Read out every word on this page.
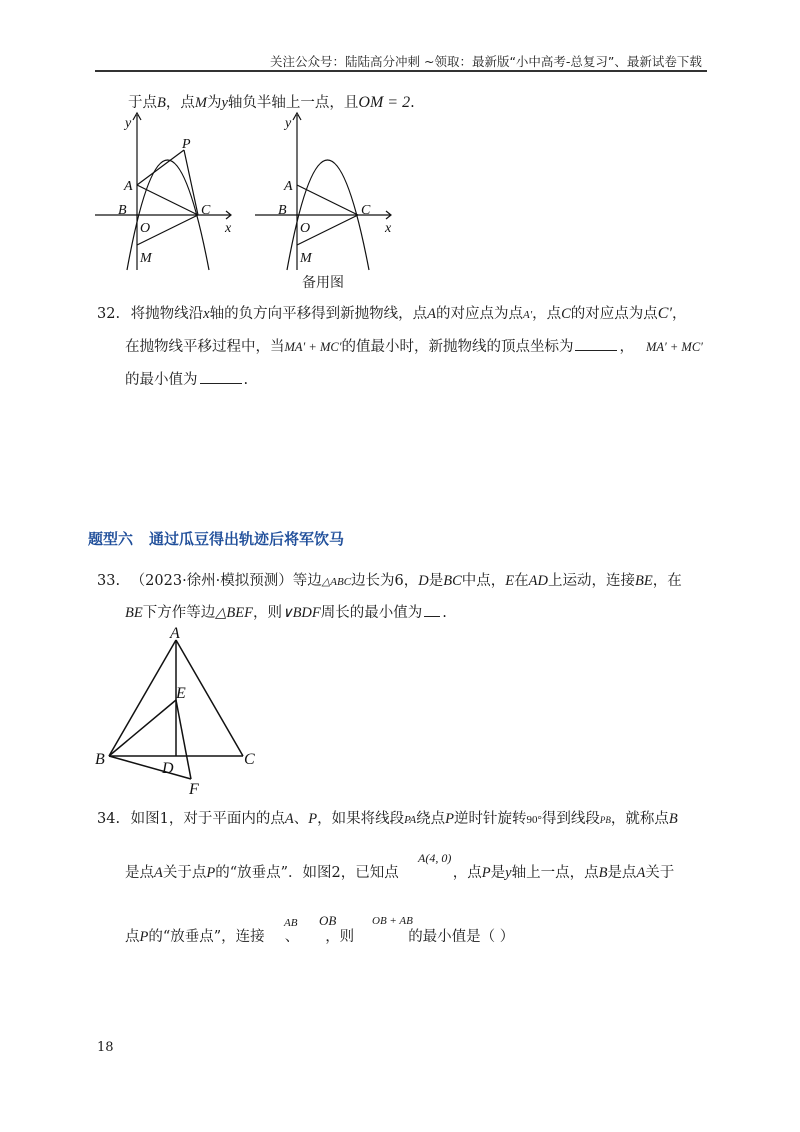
关注公众号：陆陆高分冲刺 ~领取：最新版“小中高考-总复习”、最新试卷下载
于点B，点M为y轴负半轴上一点，且OM = 2.
y
x
P
A
B	C
O
M
y
x
A
B	C
O
M
备用图
32. 将抛物线沿x轴的负方向平移得到新抛物线，点A的对应点为点A′，点C的对应点为点C′，
在抛物线平移过程中，当MA′ + MC′的值最小时，新抛物线的顶点坐标为	， MA′ + MC′
的最小值为	.
题型六 通过瓜豆得出轨迹后将军饮马
33. （2023·徐州·模拟预测）等边△ABC边长为6，D是BC中点，E在AD上运动，连接BE，在
BE下方作等边△BEF，则∨BDF周长的最小值为 .
A
E
B	C
D
F
34. 如图1，对于平面内的点A、P，如果将线段PA绕点P逆时针旋转90°得到线段PB，就称点B
A(4, 0)
是点A关于点P的“放垂点”．如图2，已知点	，点P是y轴上一点，点B是点A关于
AB OB	OB + AB
点P的“放垂点”，连接 、 ，则	的最小值是（ ）
18
